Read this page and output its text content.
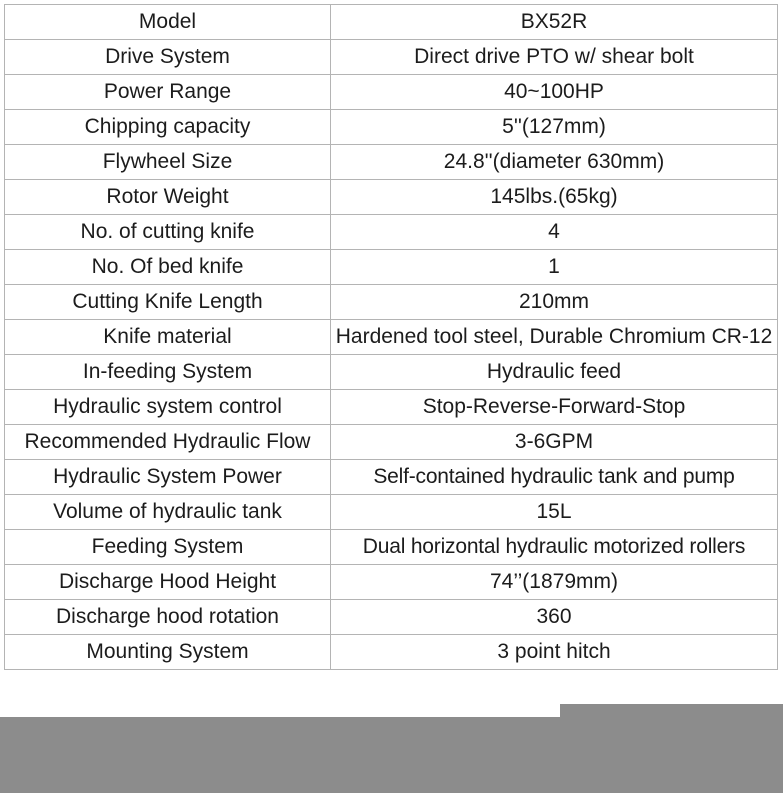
Model	BX52R
Drive System	Direct drive PTO w/ shear bolt
Power Range	40~100HP
Chipping capacity	5''(127mm)
Flywheel Size	24.8''(diameter 630mm)
Rotor Weight	145lbs.(65kg)
No. of cutting knife	4
No. Of bed knife	1
Cutting Knife Length	210mm
Knife material	Hardened tool steel, Durable Chromium CR-12
In-feeding System	Hydraulic feed
Hydraulic system control	Stop-Reverse-Forward-Stop
Recommended Hydraulic Flow	3-6GPM
Hydraulic System Power	Self-contained hydraulic tank and pump
Volume of hydraulic tank	15L
Feeding System	Dual horizontal hydraulic motorized rollers
Discharge Hood Height	74’’(1879mm)
Discharge hood rotation	360
Mounting System	3 point hitch
